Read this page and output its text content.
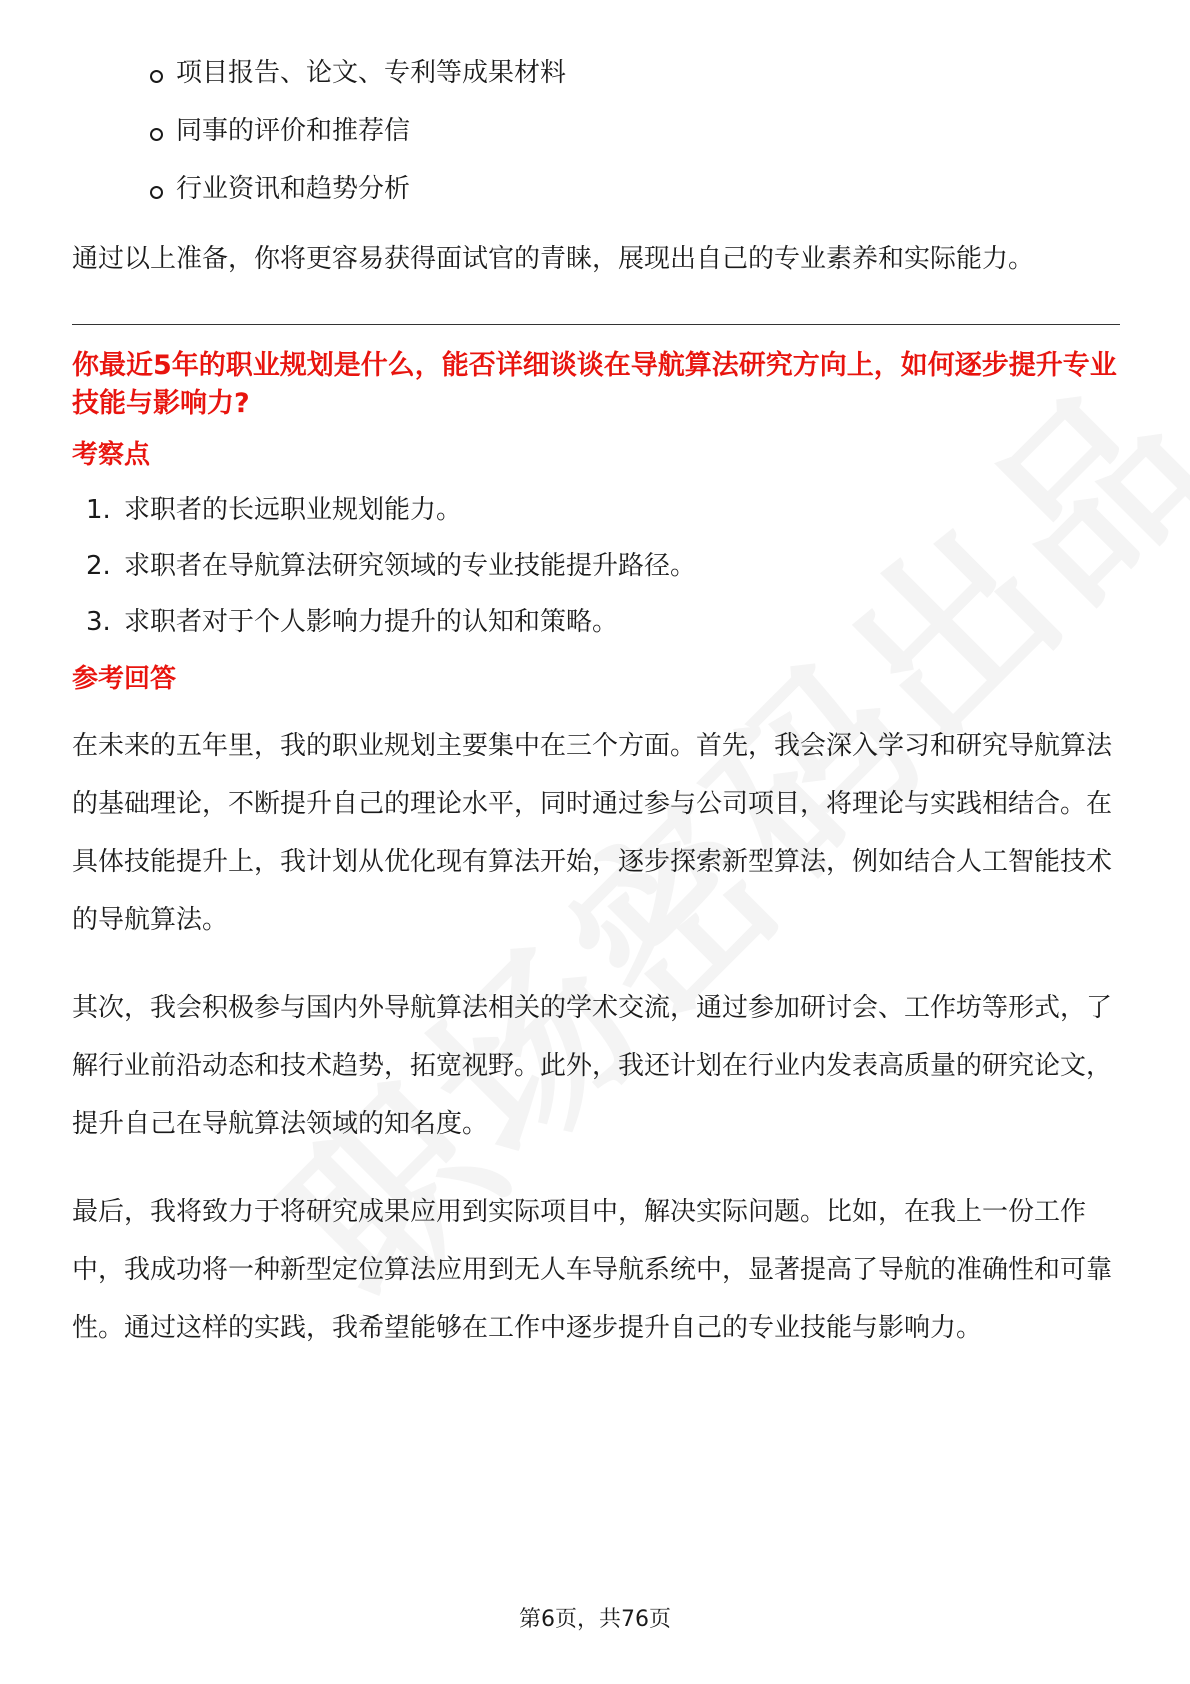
项目报告、论文、专利等成果材料
同事的评价和推荐信
行业资讯和趋势分析

通过以上准备，你将更容易获得面试官的青睐，展现出自己的专业素养和实际能力。

你最近5年的职业规划是什么，能否详细谈谈在导航算法研究方向上，如何逐步提升专业技能与影响力?
考察点
1. 求职者的长远职业规划能力。
2. 求职者在导航算法研究领域的专业技能提升路径。
3. 求职者对于个人影响力提升的认知和策略。
参考回答

在未来的五年里，我的职业规划主要集中在三个方面。首先，我会深入学习和研究导航算法的基础理论，不断提升自己的理论水平，同时通过参与公司项目，将理论与实践相结合。在具体技能提升上，我计划从优化现有算法开始，逐步探索新型算法，例如结合人工智能技术的导航算法。

其次，我会积极参与国内外导航算法相关的学术交流，通过参加研讨会、工作坊等形式，了解行业前沿动态和技术趋势，拓宽视野。此外，我还计划在行业内发表高质量的研究论文，提升自己在导航算法领域的知名度。

最后，我将致力于将研究成果应用到实际项目中，解决实际问题。比如，在我上一份工作中，我成功将一种新型定位算法应用到无人车导航系统中，显著提高了导航的准确性和可靠性。通过这样的实践，我希望能够在工作中逐步提升自己的专业技能与影响力。

第6页，共76页
